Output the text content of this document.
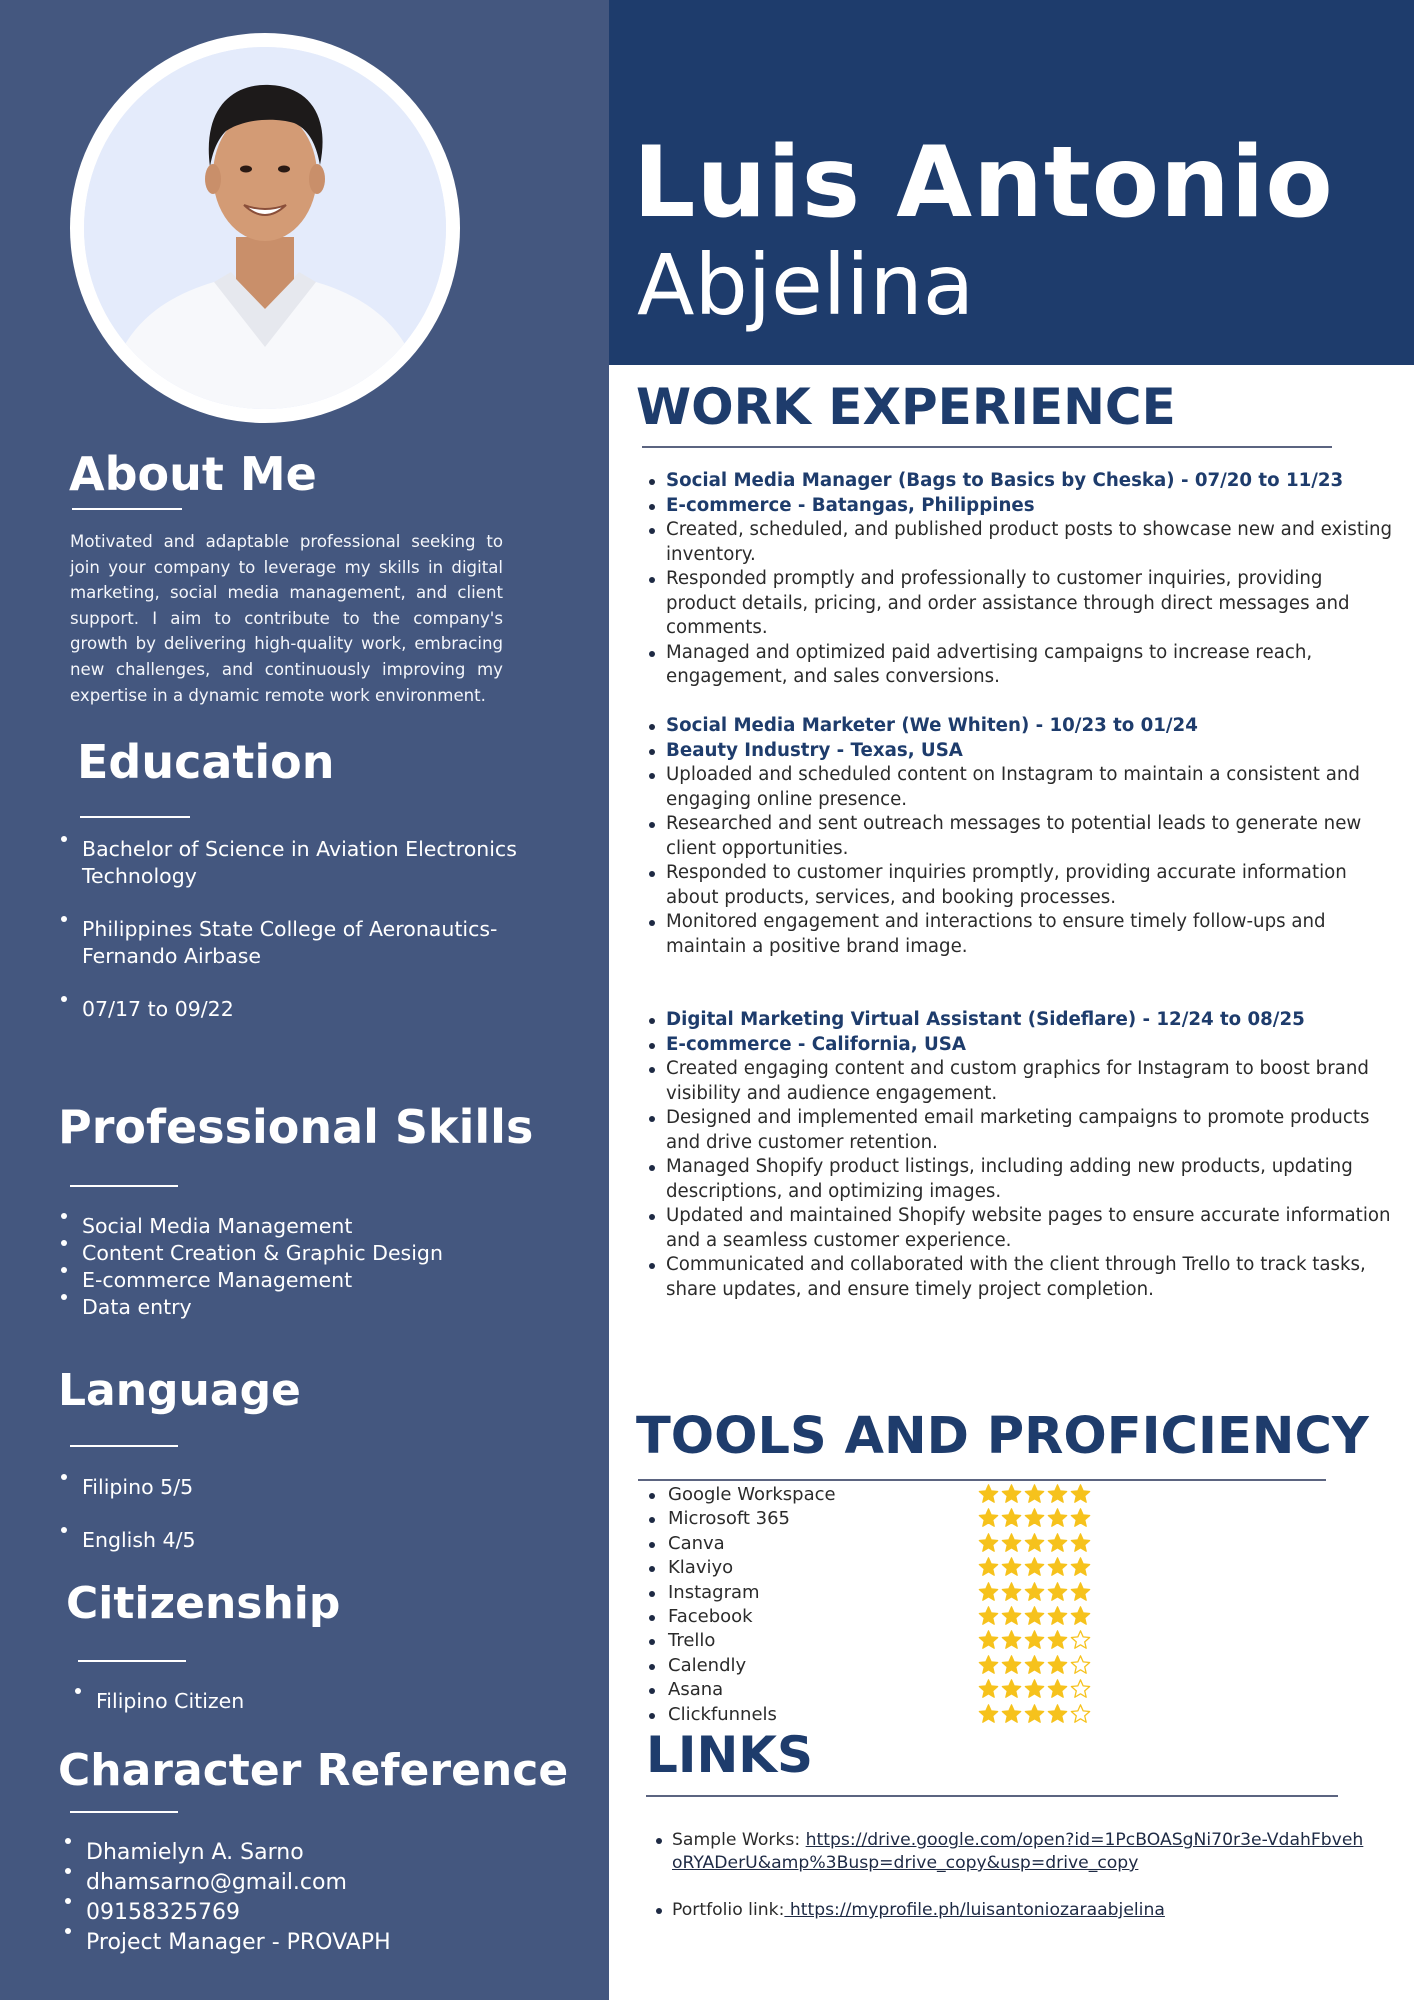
About Me

Motivated and adaptable professional seeking to join your company to leverage my skills in digital marketing, social media management, and client support. I aim to contribute to the company's growth by delivering high-quality work, embracing new challenges, and continuously improving my expertise in a dynamic remote work environment.

Education
Bachelor of Science in Aviation Electronics Technology
Philippines State College of Aeronautics- Fernando Airbase
07/17 to 09/22
Professional Skills
Social Media Management
Content Creation & Graphic Design
E-commerce Management
Data entry
Language
Filipino 5/5
English 4/5
Citizenship
Filipino Citizen
Character Reference
Dhamielyn A. Sarno
dhamsarno@gmail.com
09158325769
Project Manager - PROVAPH
Luis Antonio
Abjelina
WORK EXPERIENCE
Social Media Manager (Bags to Basics by Cheska) - 07/20 to 11/23
E-commerce - Batangas, Philippines
Created, scheduled, and published product posts to showcase new and existing inventory.
Responded promptly and professionally to customer inquiries, providing product details, pricing, and order assistance through direct messages and comments.
Managed and optimized paid advertising campaigns to increase reach, engagement, and sales conversions.
Social Media Marketer (We Whiten) - 10/23 to 01/24
Beauty Industry - Texas, USA
Uploaded and scheduled content on Instagram to maintain a consistent and engaging online presence.
Researched and sent outreach messages to potential leads to generate new client opportunities.
Responded to customer inquiries promptly, providing accurate information about products, services, and booking processes.
Monitored engagement and interactions to ensure timely follow-ups and maintain a positive brand image.
Digital Marketing Virtual Assistant (Sideflare) - 12/24 to 08/25
E-commerce - California, USA
Created engaging content and custom graphics for Instagram to boost brand visibility and audience engagement.
Designed and implemented email marketing campaigns to promote products and drive customer retention.
Managed Shopify product listings, including adding new products, updating descriptions, and optimizing images.
Updated and maintained Shopify website pages to ensure accurate information and a seamless customer experience.
Communicated and collaborated with the client through Trello to track tasks, share updates, and ensure timely project completion.
TOOLS AND PROFICIENCY
Google Workspace
Microsoft 365
Canva
Klaviyo
Instagram
Facebook
Trello
Calendly
Asana
Clickfunnels
LINKS
Sample Works: https://drive.google.com/open?id=1PcBOASgNi70r3e-VdahFbvehoRYADerU&amp%3Busp=drive_copy&usp=drive_copy
Portfolio link: https://myprofile.ph/luisantoniozaraabjelina
